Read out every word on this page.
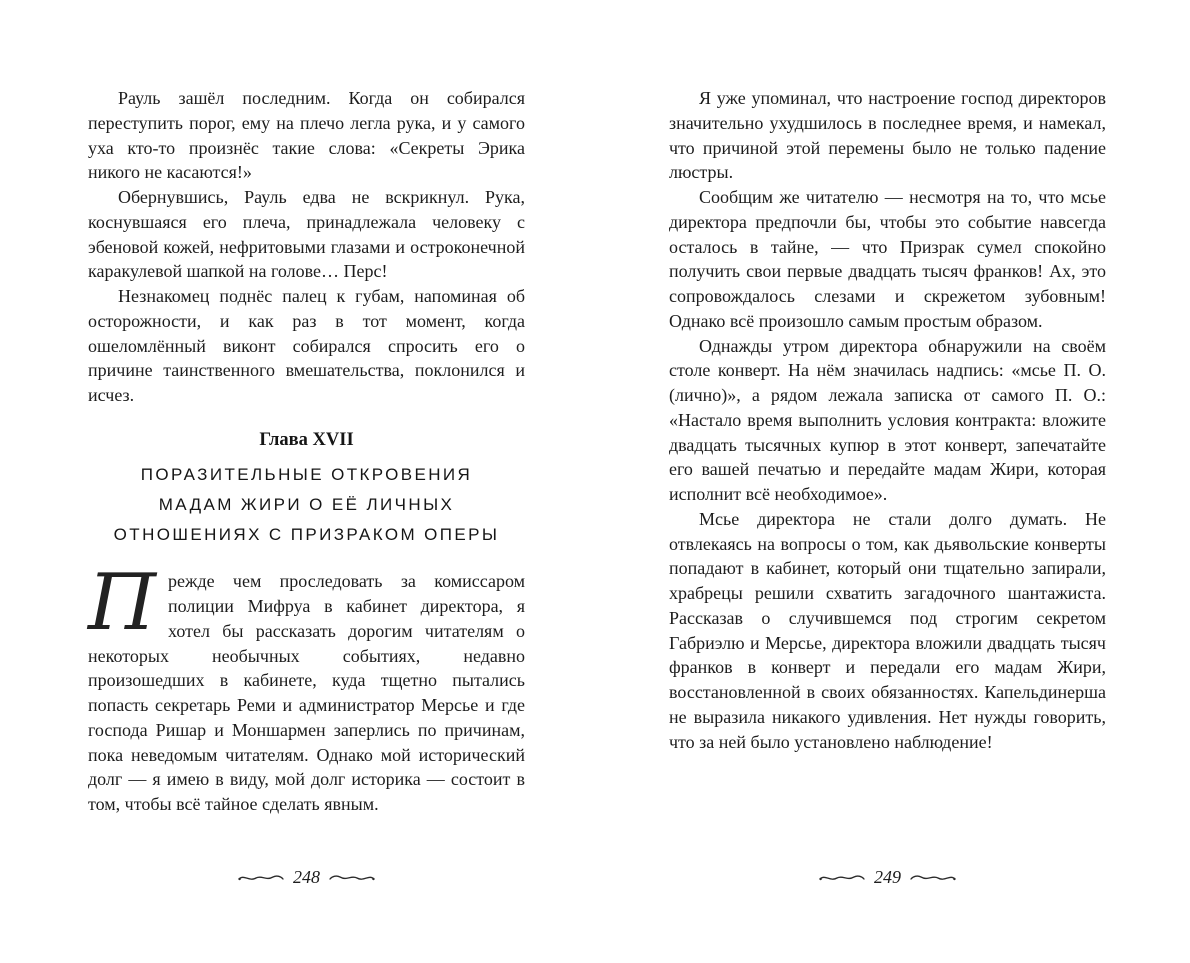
Рауль зашёл последним. Когда он собирался переступить порог, ему на плечо легла рука, и у самого уха кто-то произнёс такие слова: «Секреты Эрика никого не касаются!»

Обернувшись, Рауль едва не вскрикнул. Рука, коснувшаяся его плеча, принадлежала человеку с эбеновой кожей, нефритовыми глазами и остроконечной каракулевой шапкой на голове… Перс!

Незнакомец поднёс палец к губам, напоминая об осторожности, и как раз в тот момент, когда ошеломлённый виконт собирался спросить его о причине таинственного вмешательства, поклонился и исчез.

Глава XVII
ПОРАЗИТЕЛЬНЫЕ ОТКРОВЕНИЯ
МАДАМ ЖИРИ О ЕЁ ЛИЧНЫХ
ОТНОШЕНИЯХ С ПРИЗРАКОМ ОПЕРЫ

Прежде чем проследовать за комиссаром полиции Мифруа в кабинет директора, я хотел бы рассказать дорогим читателям о некоторых необычных событиях, недавно произошедших в кабинете, куда тщетно пытались попасть секретарь Реми и администратор Мерсье и где господа Ришар и Моншармен заперлись по причинам, пока неведомым читателям. Однако мой исторический долг — я имею в виду, мой долг историка — состоит в том, чтобы всё тайное сделать явным.

248

Я уже упоминал, что настроение господ директоров значительно ухудшилось в последнее время, и намекал, что причиной этой перемены было не только падение люстры.

Сообщим же читателю — несмотря на то, что мсье директора предпочли бы, чтобы это событие навсегда осталось в тайне, — что Призрак сумел спокойно получить свои первые двадцать тысяч франков! Ах, это сопровождалось слезами и скрежетом зубовным! Однако всё произошло самым простым образом.

Однажды утром директора обнаружили на своём столе конверт. На нём значилась надпись: «мсье П. О. (лично)», а рядом лежала записка от самого П. О.: «Настало время выполнить условия контракта: вложите двадцать тысячных купюр в этот конверт, запечатайте его вашей печатью и передайте мадам Жири, которая исполнит всё необходимое».

Мсье директора не стали долго думать. Не отвлекаясь на вопросы о том, как дьявольские конверты попадают в кабинет, который они тщательно запирали, храбрецы решили схватить загадочного шантажиста. Рассказав о случившемся под строгим секретом Габриэлю и Мерсье, директора вложили двадцать тысяч франков в конверт и передали его мадам Жири, восстановленной в своих обязанностях. Капельдинерша не выразила никакого удивления. Нет нужды говорить, что за ней было установлено наблюдение!

249
